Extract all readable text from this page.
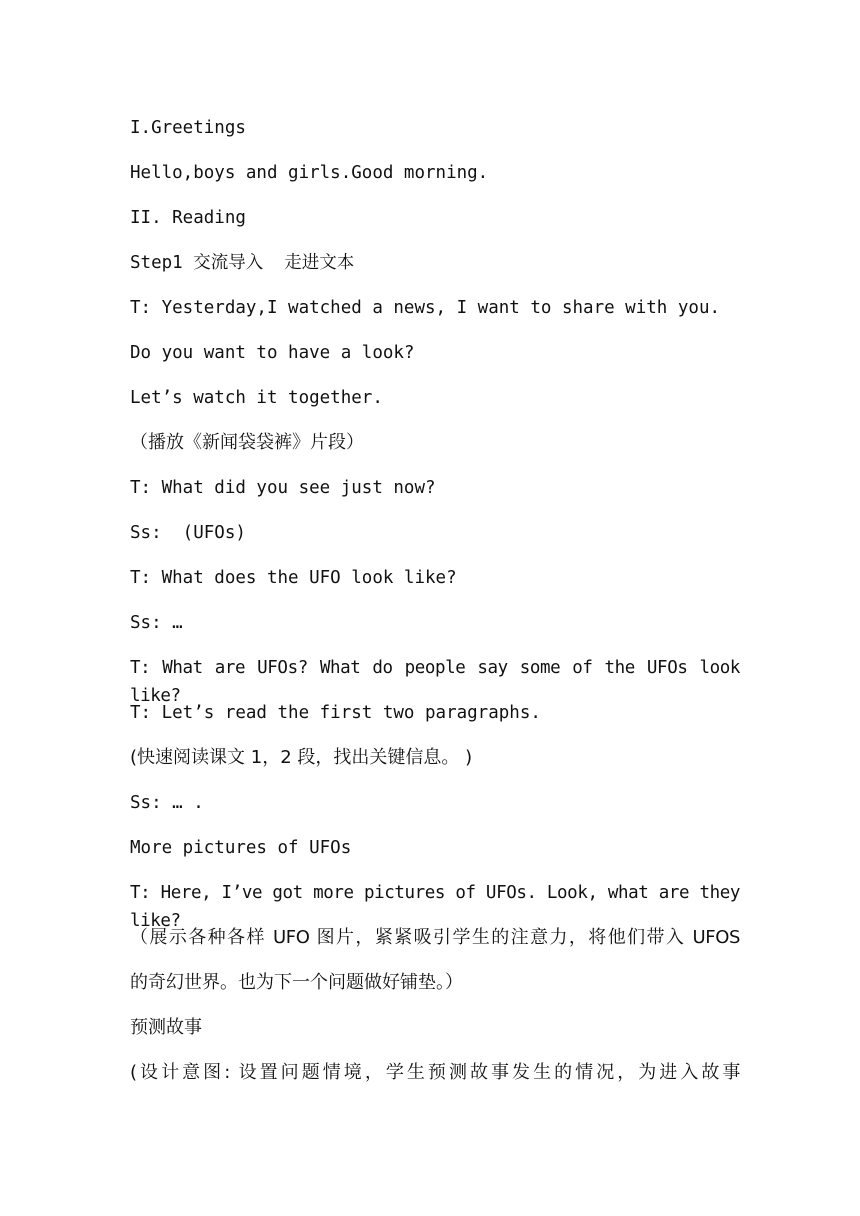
I.Greetings
Hello,boys and girls.Good morning.
II. Reading
Step1 交流导入  走进文本
T: Yesterday,I watched a news, I want to share with you.
Do you want to have a look?
Let’s watch it together.
（播放《新闻袋袋裤》片段）
T: What did you see just now?
Ss:  (UFOs)
T: What does the UFO look like?
Ss: …
T: What are UFOs? What do people say some of the UFOs look like?
T: Let’s read the first two paragraphs.
(快速阅读课文 1，2 段，找出关键信息。 )
Ss: … .
More pictures of UFOs
T: Here, I’ve got more pictures of UFOs. Look, what are they like?
（展示各种各样 UFO 图片，紧紧吸引学生的注意力，将他们带入 UFOS
的奇幻世界。也为下一个问题做好铺垫。）
预测故事
(设计意图: 设置问题情境，学生预测故事发生的情况，为进入故事
